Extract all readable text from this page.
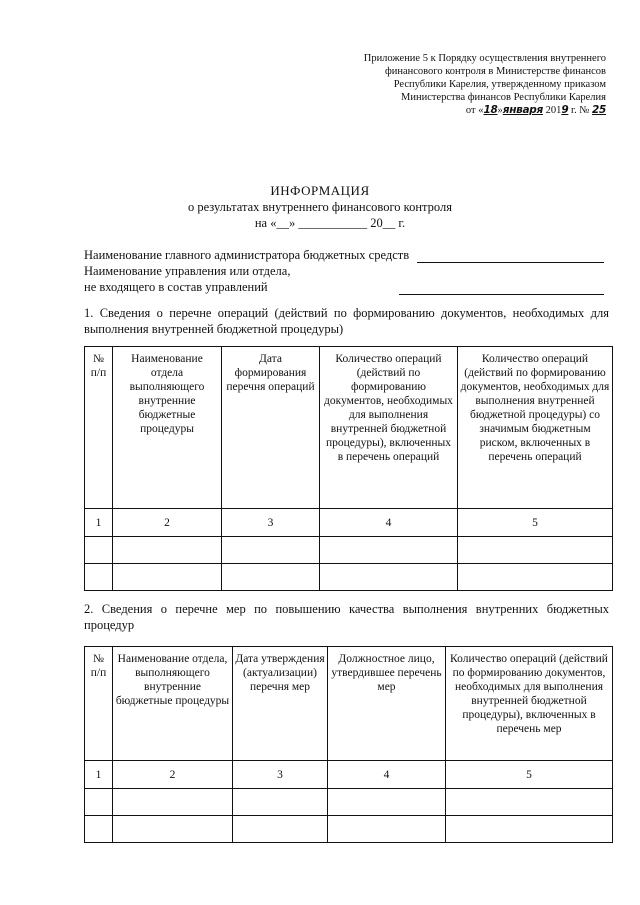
Приложение 5 к Порядку осуществления внутреннего
финансового контроля в Министерстве финансов
Республики Карелия, утвержденному приказом
Министерства финансов Республики Карелия
от «18»января 2019 г. № 25
ИНФОРМАЦИЯ
о результатах внутреннего финансового контроля
на «__» ___________ 20__ г.
Наименование главного администратора бюджетных средств
Наименование управления или отдела,
не входящего в состав управлений
1. Сведения о перечне операций (действий по формированию документов, необходимых для выполнения внутренней бюджетной процедуры)
№ п/п	Наименование отдела выполняющего внутренние бюджетные процедуры	Дата формирования перечня операций	Количество операций (действий по формированию документов, необходимых для выполнения внутренней бюджетной процедуры), включенных в перечень операций	Количество операций (действий по формированию документов, необходимых для выполнения внутренней бюджетной процедуры) со значимым бюджетным риском, включенных в перечень операций
1	2	3	4	5

2. Сведения о перечне мер по повышению качества выполнения внутренних бюджетных процедур
№ п/п	Наименование отдела, выполняющего внутренние бюджетные процедуры	Дата утверждения (актуализации) перечня мер	Должностное лицо, утвердившее перечень мер	Количество операций (действий по формированию документов, необходимых для выполнения внутренней бюджетной процедуры), включенных в перечень мер
1	2	3	4	5
